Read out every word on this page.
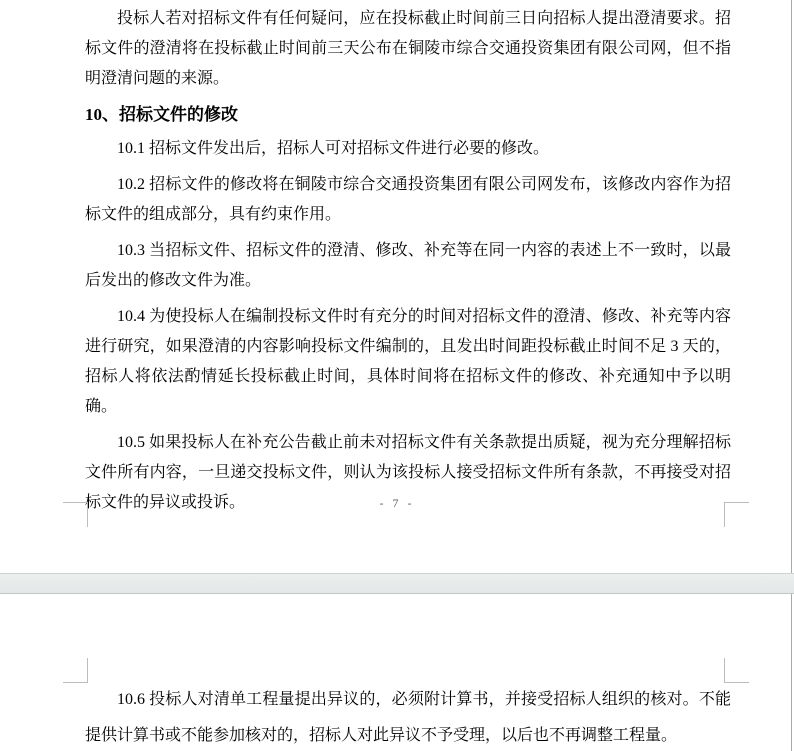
投标人若对招标文件有任何疑问，应在投标截止时间前三日向招标人提出澄清要求。招标文件的澄清将在投标截止时间前三天公布在铜陵市综合交通投资集团有限公司网，但不指明澄清问题的来源。

10、招标文件的修改

10.1 招标文件发出后，招标人可对招标文件进行必要的修改。

10.2 招标文件的修改将在铜陵市综合交通投资集团有限公司网发布，该修改内容作为招标文件的组成部分，具有约束作用。

10.3 当招标文件、招标文件的澄清、修改、补充等在同一内容的表述上不一致时，以最后发出的修改文件为准。

10.4 为使投标人在编制投标文件时有充分的时间对招标文件的澄清、修改、补充等内容进行研究，如果澄清的内容影响投标文件编制的，且发出时间距投标截止时间不足 3 天的，招标人将依法酌情延长投标截止时间，具体时间将在招标文件的修改、补充通知中予以明确。

10.5 如果投标人在补充公告截止前未对招标文件有关条款提出质疑，视为充分理解招标文件所有内容，一旦递交投标文件，则认为该投标人接受招标文件所有条款，不再接受对招标文件的异议或投诉。	- 7 -

10.6 投标人对清单工程量提出异议的，必须附计算书，并接受招标人组织的核对。不能提供计算书或不能参加核对的，招标人对此异议不予受理，以后也不再调整工程量。
